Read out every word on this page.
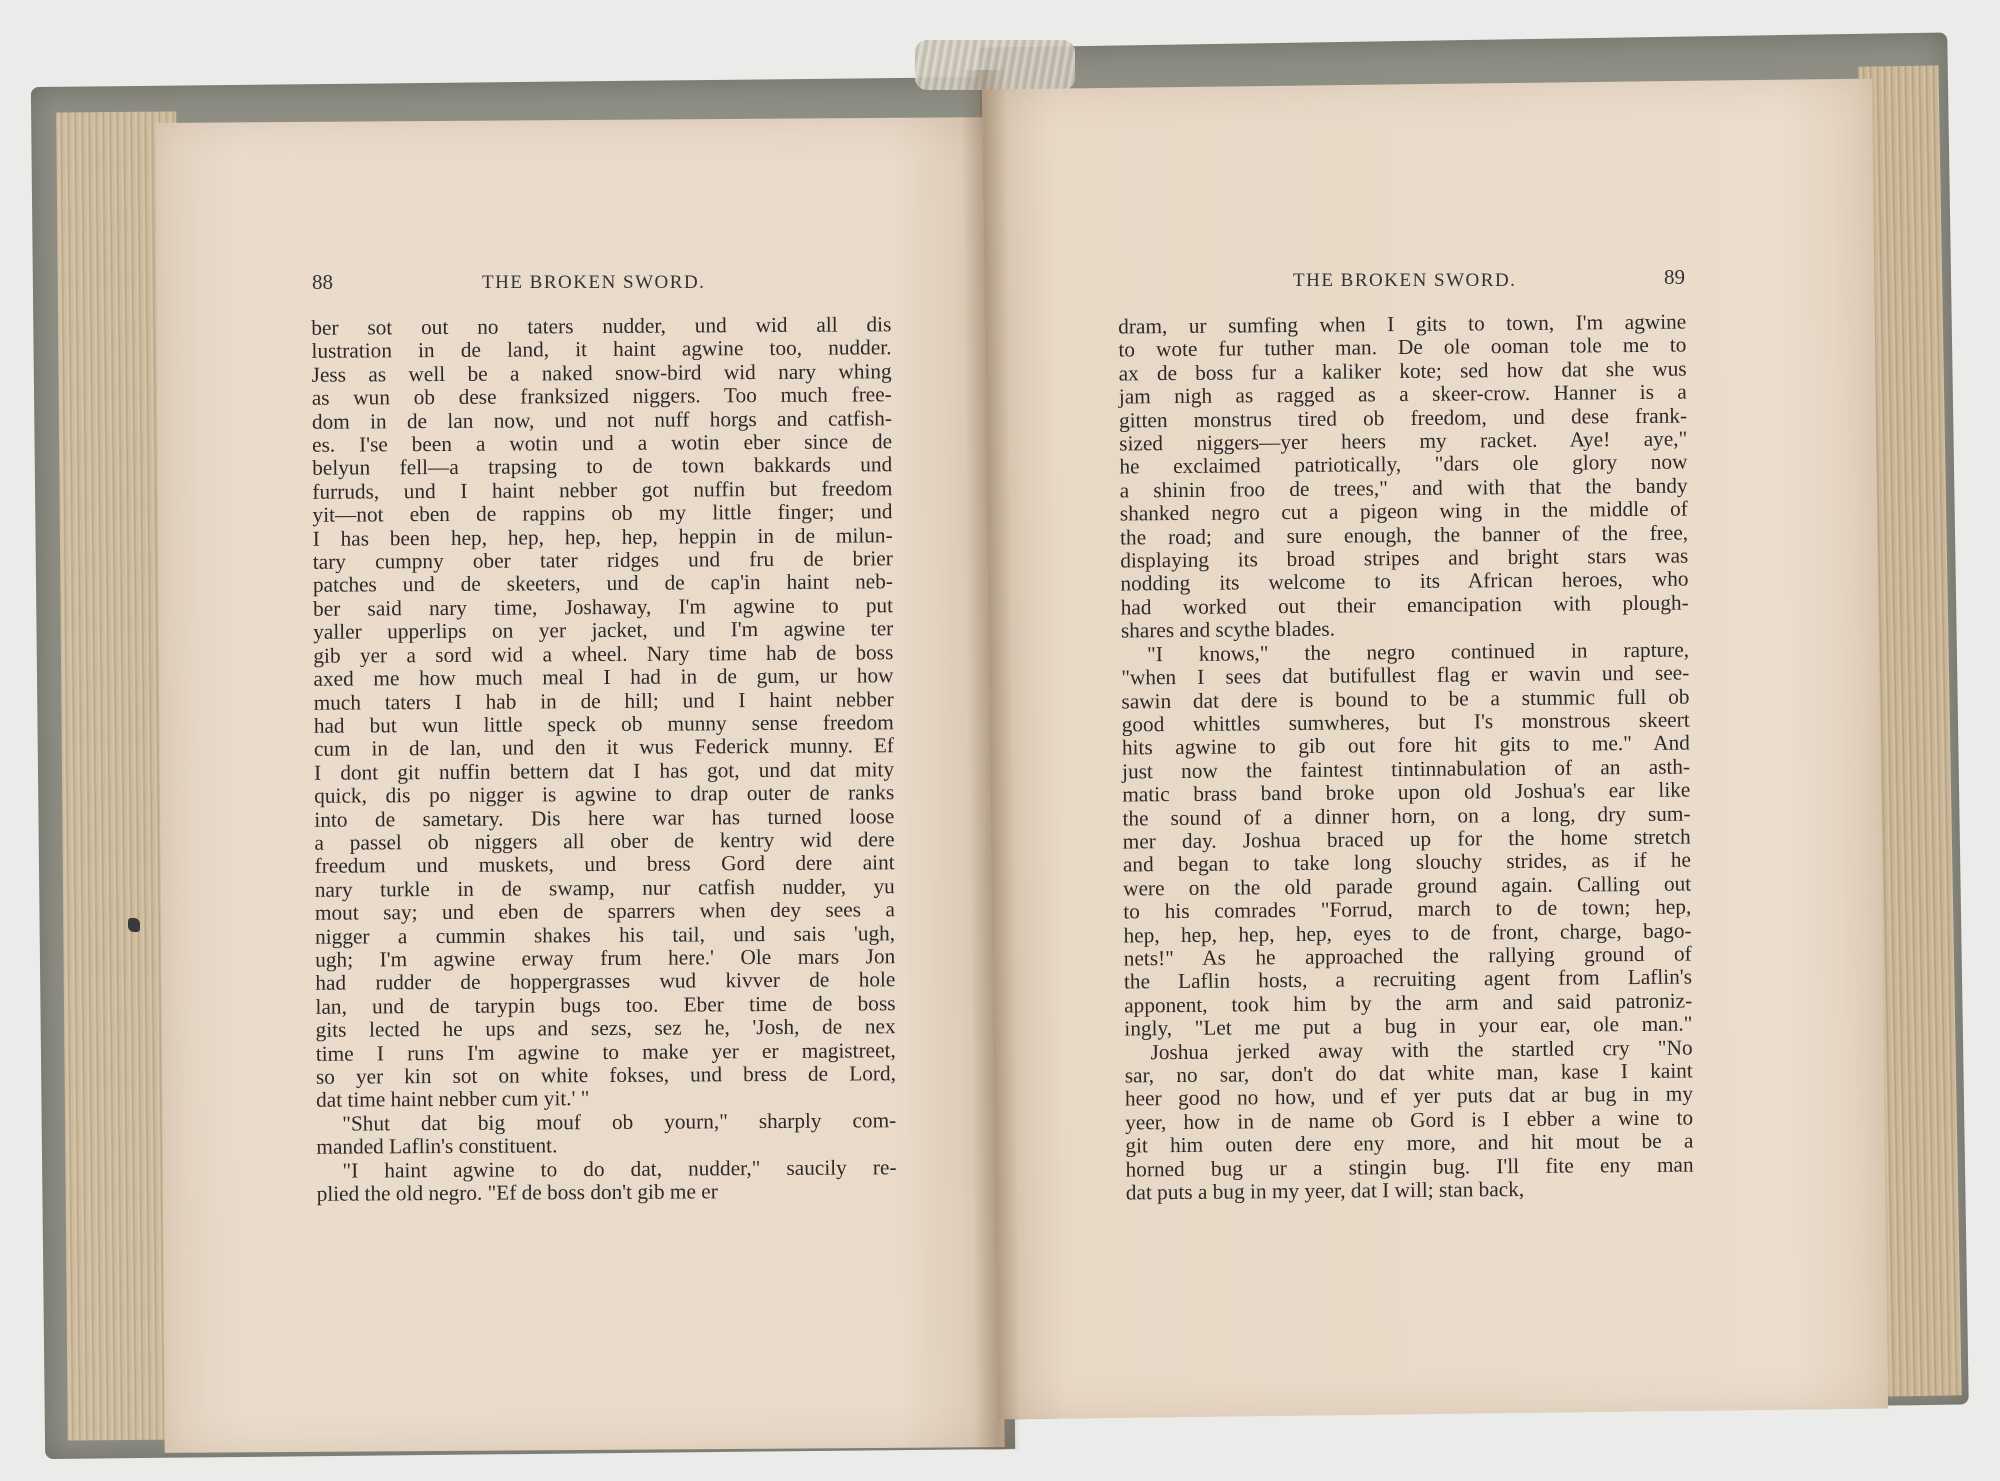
88	THE BROKEN SWORD.	THE BROKEN SWORD.	89
ber sot out no taters nudder, und wid all dis
lustration in de land, it haint agwine too, nudder.
Jess as well be a naked snow-bird wid nary whing
as wun ob dese franksized niggers. Too much free-
dom in de lan now, und not nuff horgs and catfish-
es. I'se been a wotin und a wotin eber since de
belyun fell—a trapsing to de town bakkards und
furruds, und I haint nebber got nuffin but freedom
yit—not eben de rappins ob my little finger; und
I has been hep, hep, hep, hep, heppin in de milun-
tary cumpny ober tater ridges und fru de brier
patches und de skeeters, und de cap'in haint neb-
ber said nary time, Joshaway, I'm agwine to put
yaller upperlips on yer jacket, und I'm agwine ter
gib yer a sord wid a wheel. Nary time hab de boss
axed me how much meal I had in de gum, ur how
much taters I hab in de hill; und I haint nebber
had but wun little speck ob munny sense freedom
cum in de lan, und den it wus Federick munny. Ef
I dont git nuffin bettern dat I has got, und dat mity
quick, dis po nigger is agwine to drap outer de ranks
into de sametary. Dis here war has turned loose
a passel ob niggers all ober de kentry wid dere
freedum und muskets, und bress Gord dere aint
nary turkle in de swamp, nur catfish nudder, yu
mout say; und eben de sparrers when dey sees a
nigger a cummin shakes his tail, und sais 'ugh,
ugh; I'm agwine erway frum here.' Ole mars Jon
had rudder de hoppergrasses wud kivver de hole
lan, und de tarypin bugs too. Eber time de boss
gits lected he ups and sezs, sez he, 'Josh, de nex
time I runs I'm agwine to make yer er magistreet,
so yer kin sot on white fokses, und bress de Lord,
dat time haint nebber cum yit.' "
"Shut dat big mouf ob yourn," sharply com-
manded Laflin's constituent.
"I haint agwine to do dat, nudder," saucily re-
plied the old negro. "Ef de boss don't gib me er
dram, ur sumfing when I gits to town, I'm agwine
to wote fur tuther man. De ole ooman tole me to
ax de boss fur a kaliker kote; sed how dat she wus
jam nigh as ragged as a skeer-crow. Hanner is a
gitten monstrus tired ob freedom, und dese frank-
sized niggers—yer heers my racket. Aye! aye,"
he exclaimed patriotically, "dars ole glory now
a shinin froo de trees," and with that the bandy
shanked negro cut a pigeon wing in the middle of
the road; and sure enough, the banner of the free,
displaying its broad stripes and bright stars was
nodding its welcome to its African heroes, who
had worked out their emancipation with plough-
shares and scythe blades.
"I knows," the negro continued in rapture,
"when I sees dat butifullest flag er wavin und see-
sawin dat dere is bound to be a stummic full ob
good whittles sumwheres, but I's monstrous skeert
hits agwine to gib out fore hit gits to me." And
just now the faintest tintinnabulation of an asth-
matic brass band broke upon old Joshua's ear like
the sound of a dinner horn, on a long, dry sum-
mer day. Joshua braced up for the home stretch
and began to take long slouchy strides, as if he
were on the old parade ground again. Calling out
to his comrades "Forrud, march to de town; hep,
hep, hep, hep, hep, eyes to de front, charge, bago-
nets!" As he approached the rallying ground of
the Laflin hosts, a recruiting agent from Laflin's
apponent, took him by the arm and said patroniz-
ingly, "Let me put a bug in your ear, ole man."
Joshua jerked away with the startled cry "No
sar, no sar, don't do dat white man, kase I kaint
heer good no how, und ef yer puts dat ar bug in my
yeer, how in de name ob Gord is I ebber a wine to
git him outen dere eny more, and hit mout be a
horned bug ur a stingin bug. I'll fite eny man
dat puts a bug in my yeer, dat I will; stan back,
